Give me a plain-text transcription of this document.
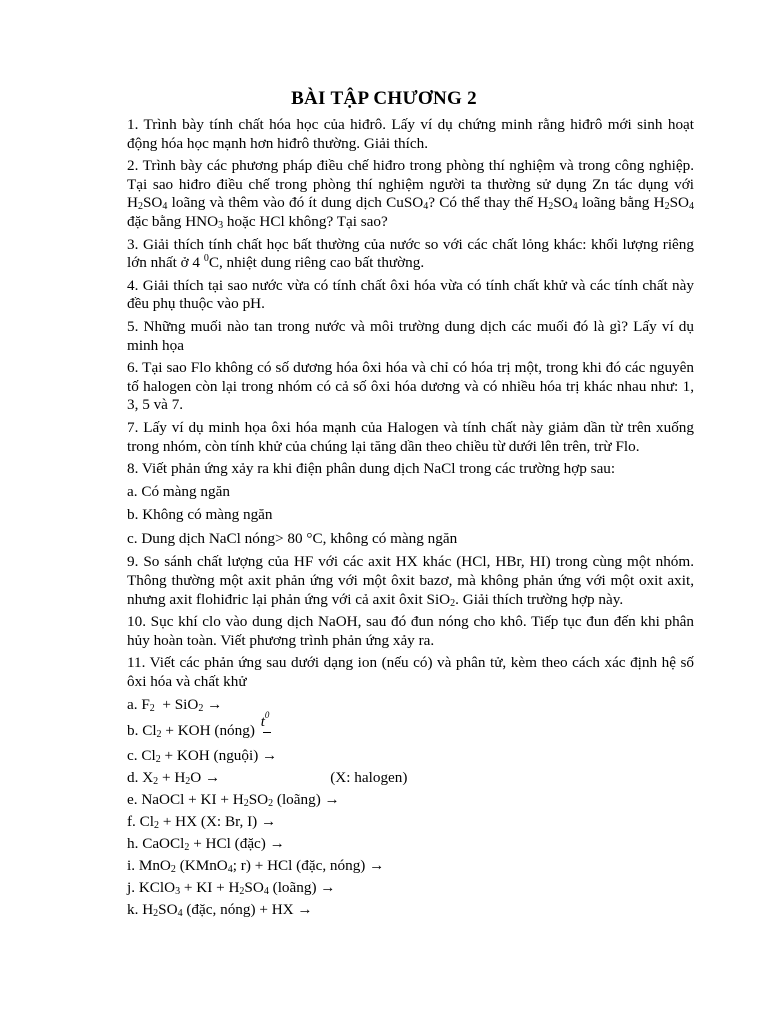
BÀI TẬP CHƯƠNG 2

1. Trình bày tính chất hóa học của hiđrô. Lấy ví dụ chứng minh rằng hiđrô mới sinh hoạt động hóa học mạnh hơn hiđrô thường. Giải thích.

2. Trình bày các phương pháp điều chế hiđro trong phòng thí nghiệm và trong công nghiệp. Tại sao hiđro điều chế trong phòng thí nghiệm người ta thường sử dụng Zn tác dụng với $H_2SO_4$ loãng và thêm vào đó ít dung dịch CuSO$_4$? Có thể thay thế $H_2SO_4$ loãng bằng $H_2SO_4$ đặc bằng $HNO_3$ hoặc HCl không? Tại sao?

3. Giải thích tính chất học bất thường của nước so với các chất lỏng khác: khối lượng riêng lớn nhất ở 4 $^0$C, nhiệt dung riêng cao bất thường.

4. Giải thích tại sao nước vừa có tính chất ôxi hóa vừa có tính chất khử và các tính chất này đều phụ thuộc vào pH.

5. Những muối nào tan trong nước và môi trường dung dịch các muối đó là gì? Lấy ví dụ minh họa

6. Tại sao Flo không có số dương hóa ôxi hóa và chỉ có hóa trị một, trong khi đó các nguyên tố halogen còn lại trong nhóm có cả số ôxi hóa dương và có nhiều hóa trị khác nhau như: 1, 3, 5 và 7.

7. Lấy ví dụ minh họa ôxi hóa mạnh của Halogen và tính chất này giảm dần từ trên xuống trong nhóm, còn tính khử của chúng lại tăng dần theo chiều từ dưới lên trên, trừ Flo.

8. Viết phản ứng xảy ra khi điện phân dung dịch NaCl trong các trường hợp sau:

a. Có màng ngăn

b. Không có màng ngăn

c. Dung dịch NaCl nóng> 80 °C, không có màng ngăn

9. So sánh chất lượng của HF với các axit HX khác (HCl, HBr, HI) trong cùng một nhóm. Thông thường một axit phản ứng với một ôxit bazơ, mà không phản ứng với một oxit axit, nhưng axit flohiđric lại phản ứng với cả axit ôxit SiO$_2$. Giải thích trường hợp này.

10. Sục khí clo vào dung dịch NaOH, sau đó đun nóng cho khô. Tiếp tục đun đến khi phân hủy hoàn toàn. Viết phương trình phản ứng xảy ra.

11. Viết các phản ứng sau dưới dạng ion (nếu có) và phân tử, kèm theo cách xác định hệ số ôxi hóa và chất khử

a. $F_2 + SiO_2$ →

b. $Cl_2$ + KOH (nóng) $t^0$

c. $Cl_2$ + KOH (nguội) →

d. $X_2 + H_2O$ →	(X: halogen)

e. NaOCl + KI + $H_2SO_2$ (loãng) →

f. $Cl_2$ + HX (X: Br, I) →

h. CaOCl$_2$ + HCl (đặc) →

i. MnO$_2$ (KMnO$_4$; r) + HCl (đặc, nóng) →

j. KClO$_3$ + KI + $H_2SO_4$ (loãng) →

k. $H_2SO_4$ (đặc, nóng) + HX →
